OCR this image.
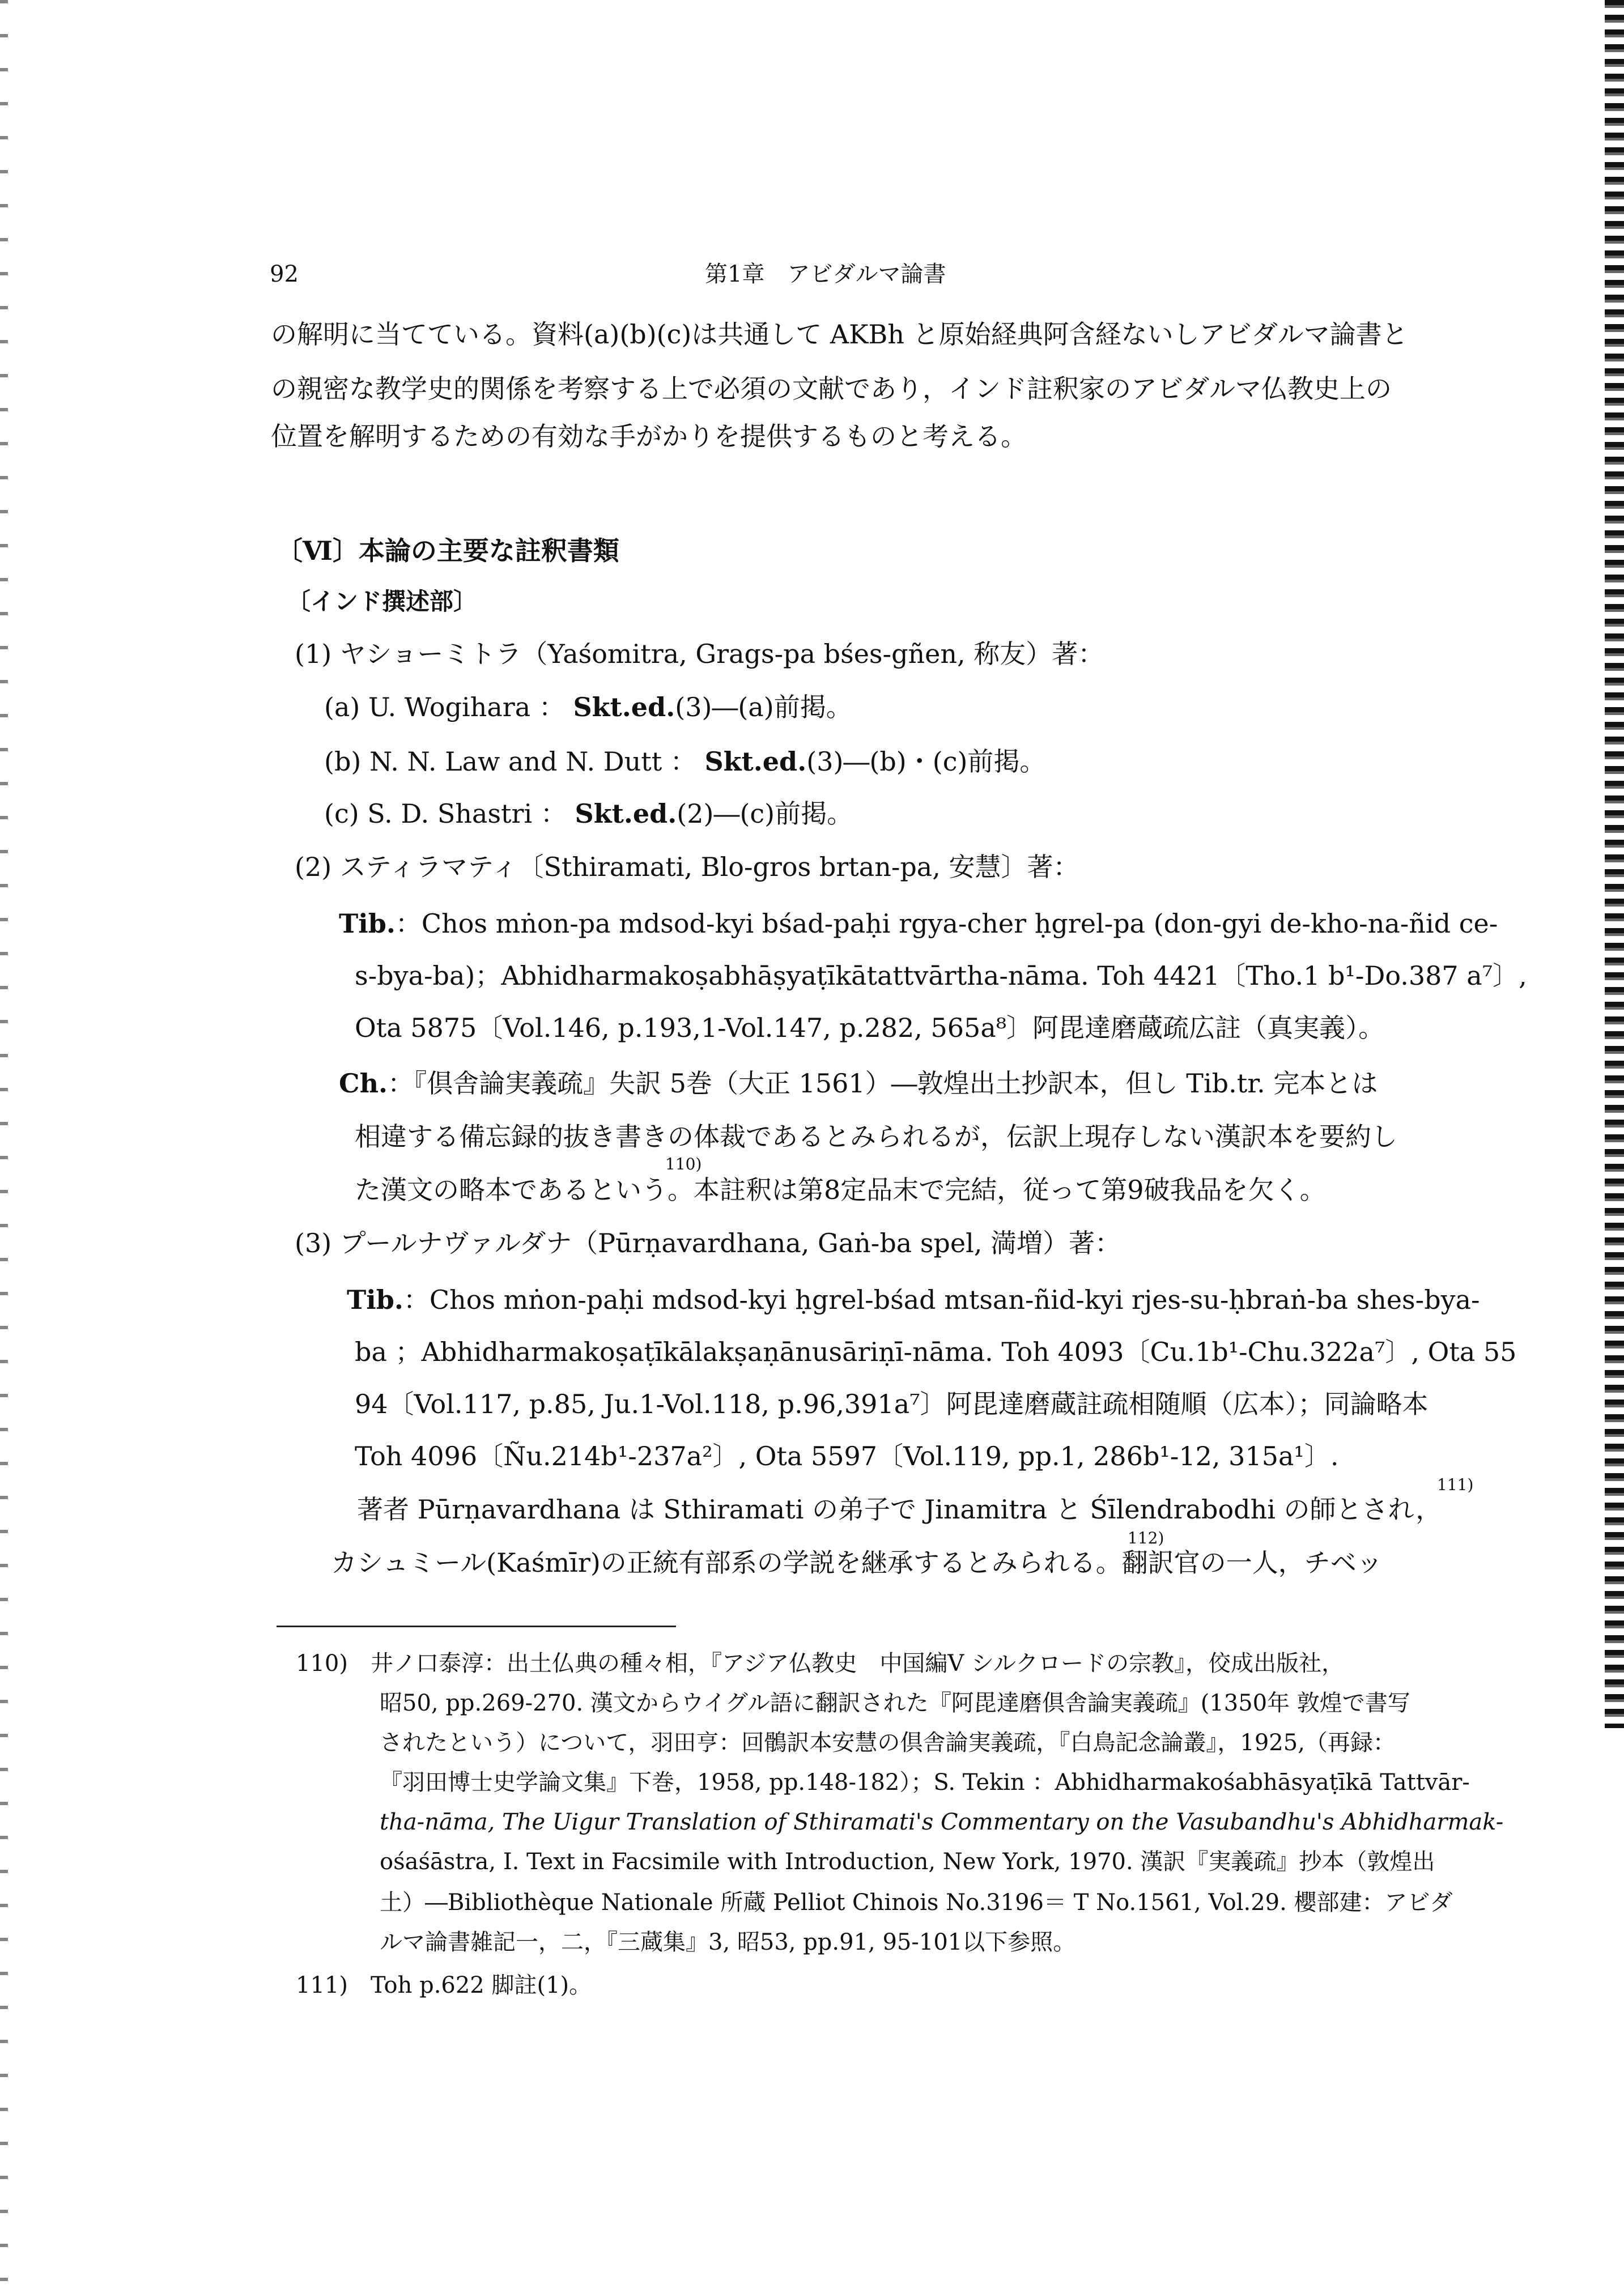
92	第1章　アビダルマ論書
の解明に当てている。資料(a)(b)(c)は共通して AKBh と原始経典阿含経ないしアビダルマ論書と
の親密な教学史的関係を考察する上で必須の文献であり，インド註釈家のアビダルマ仏教史上の
位置を解明するための有効な手がかりを提供するものと考える。
〔Ⅵ〕本論の主要な註釈書類
〔インド撰述部〕
(1) ヤショーミトラ（Yaśomitra, Grags-pa bśes-gñen, 称友）著：
(a) U. Wogihara ： Skt.ed.(3)―(a)前掲。
(b) N. N. Law and N. Dutt ： Skt.ed.(3)―(b)・(c)前掲。
(c) S. D. Shastri ： Skt.ed.(2)―(c)前掲。
(2) スティラマティ〔Sthiramati, Blo-gros brtan-pa, 安慧〕著：
Tib.：Chos mṅon-pa mdsod-kyi bśad-paḥi rgya-cher ḥgrel-pa (don-gyi de-kho-na-ñid ce-
s-bya-ba)；Abhidharmakoṣabhāṣyaṭīkātattvārtha-nāma. Toh 4421〔Tho.1 b¹-Do.387 a⁷〕,
Ota 5875〔Vol.146, p.193,1-Vol.147, p.282, 565a⁸〕阿毘達磨蔵疏広註（真実義）。
Ch.：『倶舎論実義疏』失訳 5巻（大正 1561）―敦煌出土抄訳本，但し Tib.tr. 完本とは
相違する備忘録的抜き書きの体裁であるとみられるが，伝訳上現存しない漢訳本を要約し
110)
た漢文の略本であるという。本註釈は第8定品末で完結，従って第9破我品を欠く。
(3) プールナヴァルダナ（Pūrṇavardhana, Gaṅ-ba spel, 満増）著：
Tib.：Chos mṅon-paḥi mdsod-kyi ḥgrel-bśad mtsan-ñid-kyi rjes-su-ḥbraṅ-ba shes-bya-
ba ；Abhidharmakoṣaṭīkālakṣaṇānusāriṇī-nāma. Toh 4093〔Cu.1b¹-Chu.322a⁷〕, Ota 55
94〔Vol.117, p.85, Ju.1-Vol.118, p.96,391a⁷〕阿毘達磨蔵註疏相随順（広本）；同論略本
Toh 4096〔Ñu.214b¹-237a²〕, Ota 5597〔Vol.119, pp.1, 286b¹-12, 315a¹〕.
111)
著者 Pūrṇavardhana は Sthiramati の弟子で Jinamitra と Śīlendrabodhi の師とされ，
112)
カシュミール(Kaśmīr)の正統有部系の学説を継承するとみられる。翻訳官の一人，チベッ
110)　井ノ口泰淳：出土仏典の種々相，『アジア仏教史　中国編Ⅴ シルクロードの宗教』，佼成出版社，
昭50, pp.269-270. 漢文からウイグル語に翻訳された『阿毘達磨倶舎論実義疏』(1350年 敦煌で書写
されたという）について，羽田亨：回鶻訳本安慧の倶舎論実義疏，『白鳥記念論叢』，1925,（再録：
『羽田博士史学論文集』下巻，1958, pp.148-182）；S. Tekin ：Abhidharmakośabhāsyaṭīkā Tattvār-
tha-nāma, The Uigur Translation of Sthiramati's Commentary on the Vasubandhu's Abhidharmak-
ośaśāstra, I. Text in Facsimile with Introduction, New York, 1970. 漢訳『実義疏』抄本（敦煌出
土）―Bibliothèque Nationale 所蔵 Pelliot Chinois No.3196＝ T No.1561, Vol.29. 櫻部建：アビダ
ルマ論書雑記一，二，『三蔵集』3, 昭53, pp.91, 95-101以下参照。
111)　Toh p.622 脚註(1)。
